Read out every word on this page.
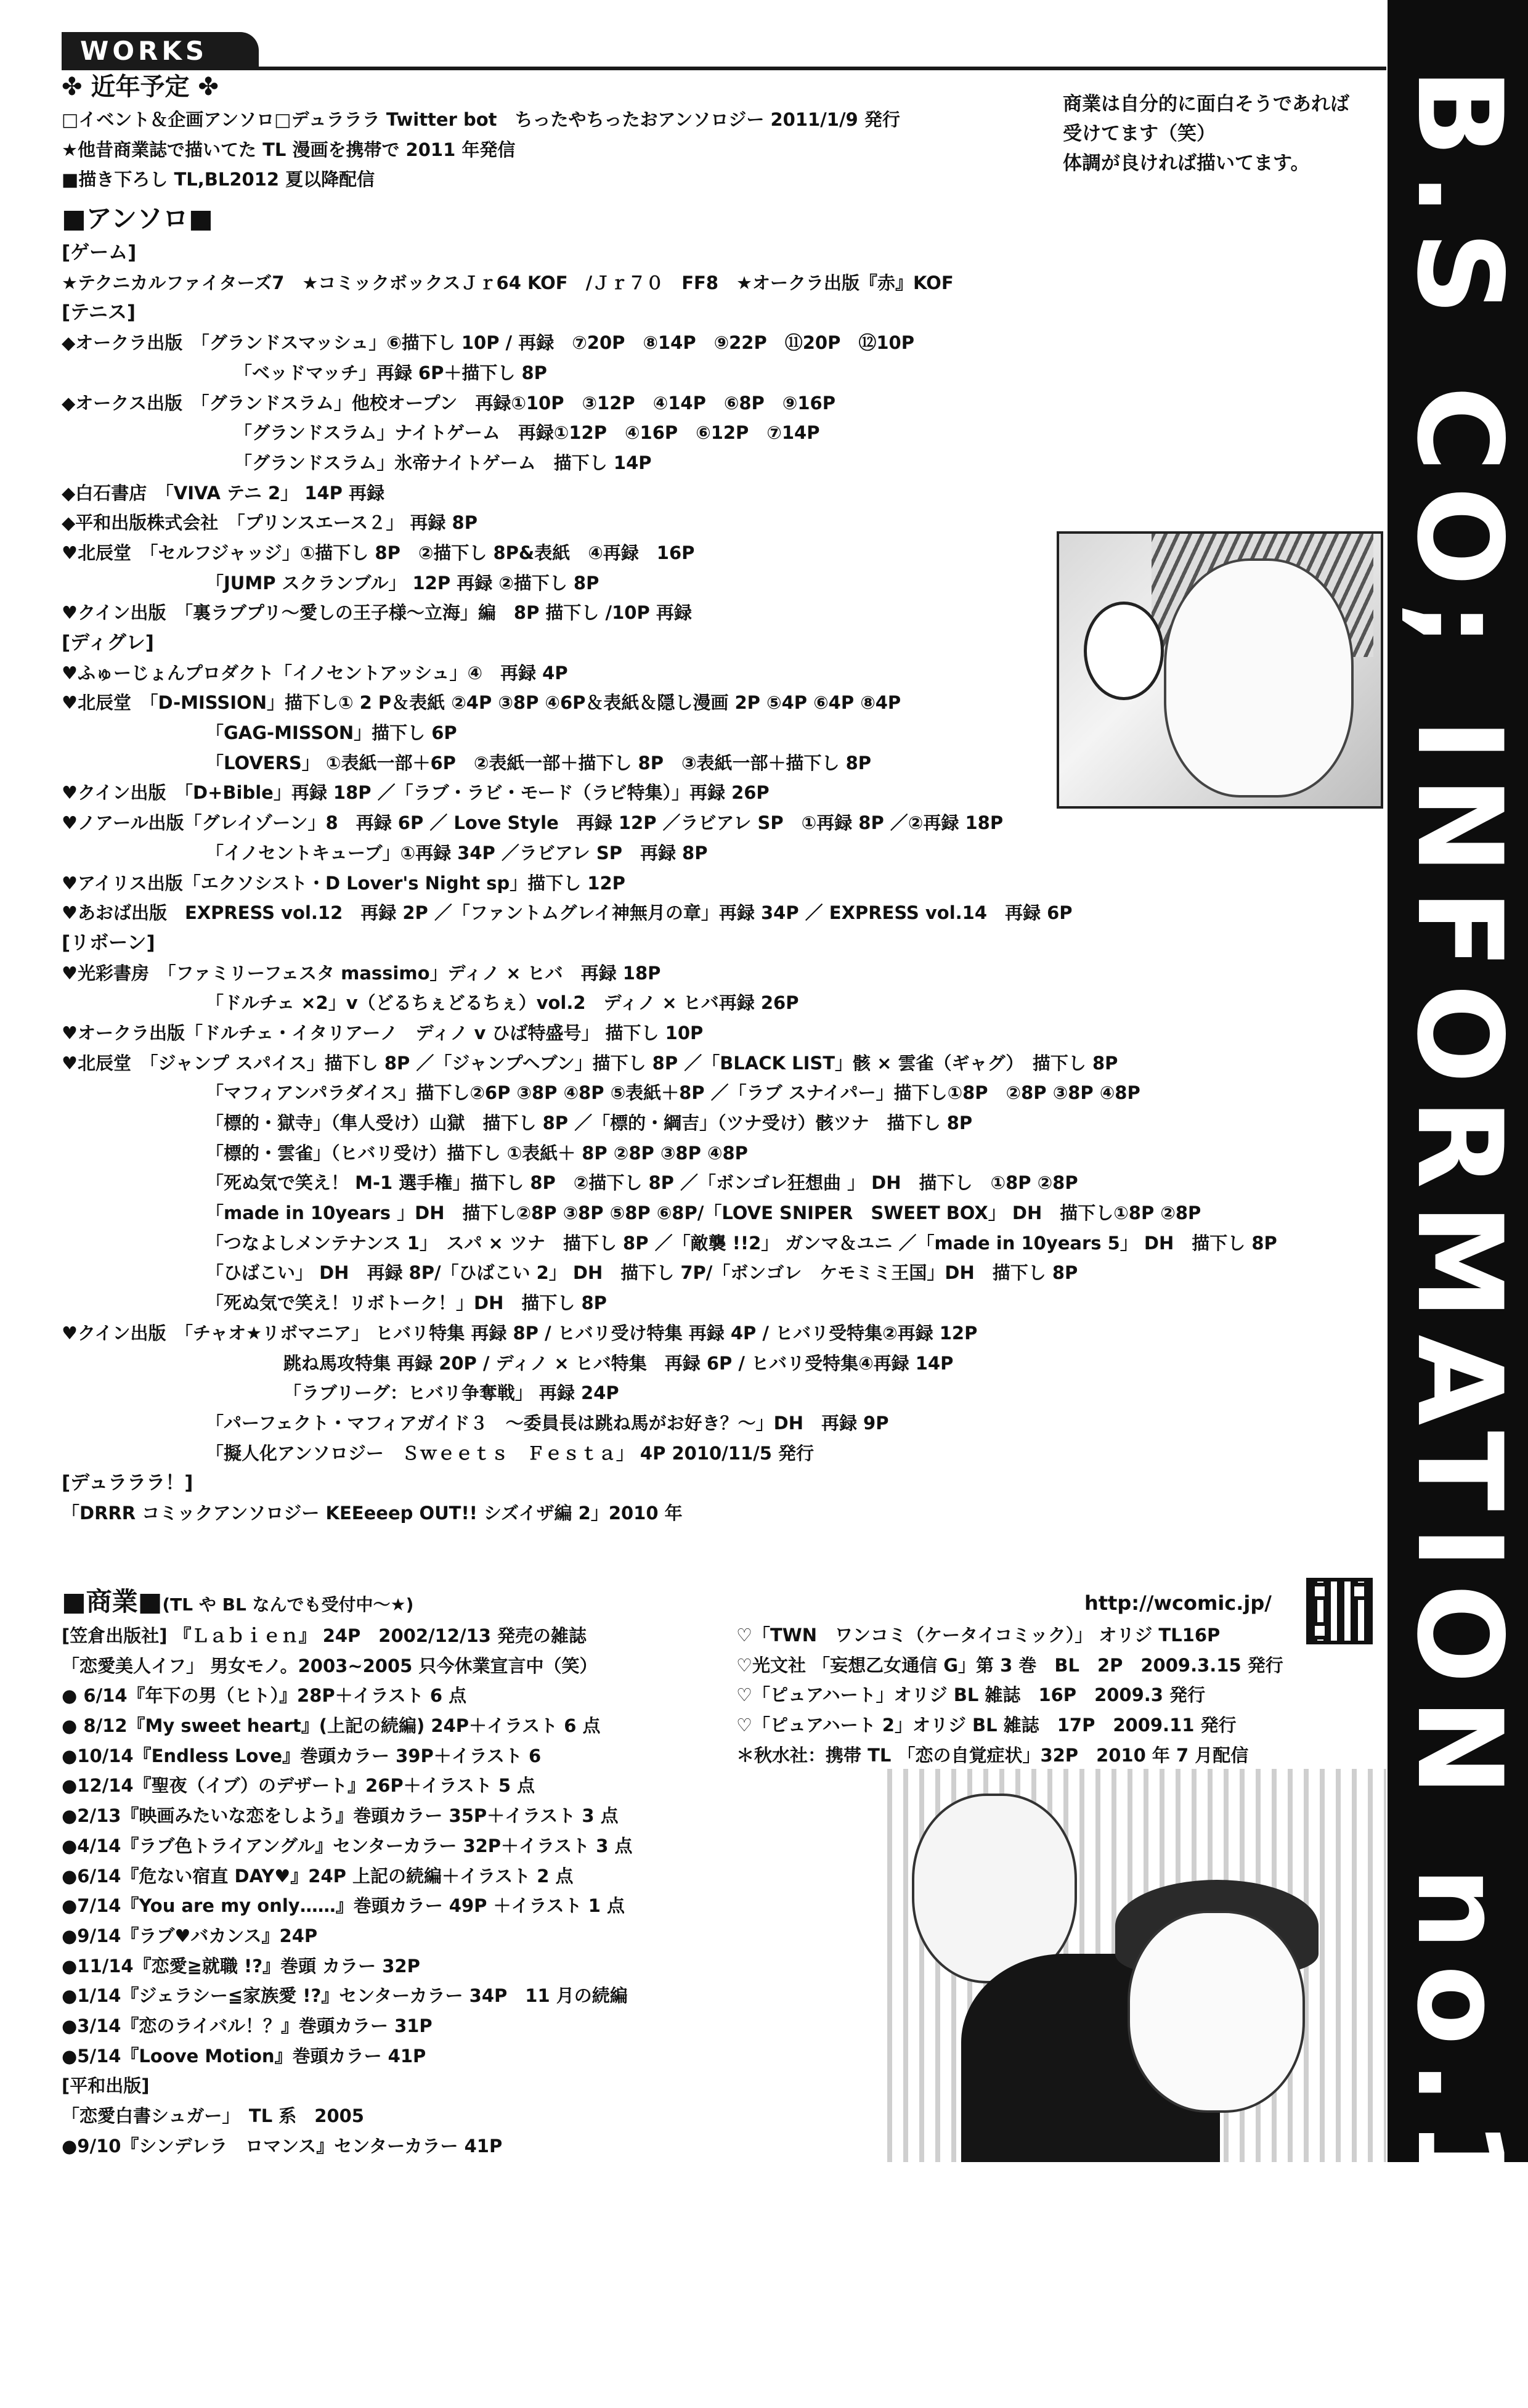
WORKS
B.S CO; INFORMATION no.113
商業は自分的に面白そうであれば
受けてます（笑）
体調が良ければ描いてます。
✤ 近年予定 ✤
□イベント＆企画アンソロ□デュラララ Twitter bot　ちったやちったおアンソロジー 2011/1/9 発行
★他昔商業誌で描いてた TL 漫画を携帯で 2011 年発信
■描き下ろし TL,BL2012 夏以降配信
■アンソロ■
[ゲーム]
★テクニカルファイターズ7　★コミックボックスＪｒ64 KOF　/Ｊｒ７０　FF8　★オークラ出版『赤』KOF
[テニス]
◆オークラ出版　「グランドスマッシュ」⑥描下し 10P / 再録　⑦20P　⑧14P　⑨22P　⑪20P　⑫10P
「ベッドマッチ」再録 6P＋描下し 8P
◆オークス出版　「グランドスラム」他校オープン　再録①10P　③12P　④14P　⑥8P　⑨16P
「グランドスラム」ナイトゲーム　再録①12P　④16P　⑥12P　⑦14P
「グランドスラム」氷帝ナイトゲーム　描下し 14P
◆白石書店　「VIVA テニ 2」 14P 再録
◆平和出版株式会社　「プリンスエース２」 再録 8P
♥北辰堂　「セルフジャッジ」①描下し 8P　②描下し 8P&表紙　④再録　16P
「JUMP スクランブル」 12P 再録 ②描下し 8P
♥クイン出版　「裏ラブプリ～愛しの王子様～立海」編　8P 描下し /10P 再録
[ディグレ]
♥ふゅーじょんプロダクト「イノセントアッシュ」④　再録 4P
♥北辰堂　「D-MISSION」描下し① 2 P＆表紙 ②4P ③8P ④6P＆表紙＆隠し漫画 2P ⑤4P ⑥4P ⑧4P
「GAG-MISSON」描下し 6P
「LOVERS」 ①表紙一部＋6P　②表紙一部＋描下し 8P　③表紙一部＋描下し 8P
♥クイン出版　「D+Bible」再録 18P ／「ラブ・ラビ・モード（ラビ特集）」再録 26P
♥ノアール出版「グレイゾーン」8　再録 6P ／ Love Style　再録 12P ／ラビアレ SP　①再録 8P ／②再録 18P
「イノセントキューブ」①再録 34P ／ラビアレ SP　再録 8P
♥アイリス出版「エクソシスト・D Lover's Night sp」描下し 12P
♥あおば出版　EXPRESS vol.12　再録 2P ／「ファントムグレイ神無月の章」再録 34P ／ EXPRESS vol.14　再録 6P
[リボーン]
♥光彩書房　「ファミリーフェスタ massimo」ディノ × ヒバ　再録 18P
「ドルチェ ×2」v（どるちぇどるちぇ）vol.2　ディノ × ヒバ再録 26P
♥オークラ出版「ドルチェ・イタリアーノ　ディノ v ひば特盛号」 描下し 10P
♥北辰堂　「ジャンプ スパイス」描下し 8P ／「ジャンプヘブン」描下し 8P ／「BLACK LIST」骸 × 雲雀（ギャグ）　描下し 8P
「マフィアンパラダイス」描下し②6P ③8P ④8P ⑤表紙＋8P ／「ラブ スナイパー」描下し①8P　②8P ③8P ④8P
「標的・獄寺」（隼人受け）山獄　描下し 8P ／「標的・綱吉」（ツナ受け）骸ツナ　描下し 8P
「標的・雲雀」（ヒバリ受け）描下し ①表紙＋ 8P ②8P ③8P ④8P
「死ぬ気で笑え！ M-1 選手権」描下し 8P　②描下し 8P ／「ボンゴレ狂想曲 」 DH　描下し　①8P ②8P
「made in 10years 」DH　描下し②8P ③8P ⑤8P ⑥8P/「LOVE SNIPER　SWEET BOX」 DH　描下し①8P ②8P
「つなよしメンテナンス 1」　スパ × ツナ　描下し 8P ／「敵襲 !!2」 ガンマ＆ユニ ／「made in 10years 5」 DH　描下し 8P
「ひばこい」 DH　再録 8P/「ひばこい 2」 DH　描下し 7P/「ボンゴレ　ケモミミ王国」DH　描下し 8P
「死ぬ気で笑え！リボトーク！」DH　描下し 8P
♥クイン出版　「チャオ★リボマニア」 ヒバリ特集 再録 8P / ヒバリ受け特集 再録 4P / ヒバリ受特集②再録 12P
跳ね馬攻特集 再録 20P / ディノ × ヒバ特集　再録 6P / ヒバリ受特集④再録 14P
「ラブリーグ：ヒバリ争奪戦」 再録 24P
「パーフェクト・マフィアガイド３　～委員長は跳ね馬がお好き？～」DH　再録 9P
「擬人化アンソロジー　Ｓｗｅｅｔｓ　Ｆｅｓｔａ」 4P 2010/11/5 発行
[デュラララ！]
「DRRR コミックアンソロジー KEEeeep OUT!! シズイザ編 2」2010 年
■商業■(TL や BL なんでも受付中～★)
[笠倉出版社] 『Ｌａｂｉｅｎ』 24P　2002/12/13 発売の雑誌
「恋愛美人イフ」 男女モノ。2003~2005 只今休業宣言中（笑）
● 6/14『年下の男（ヒト）』28P＋イラスト 6 点
● 8/12『My sweet heart』(上記の続編) 24P＋イラスト 6 点
●10/14『Endless Love』巻頭カラー 39P＋イラスト 6
●12/14『聖夜（イブ）のデザート』26P＋イラスト 5 点
●2/13『映画みたいな恋をしよう』巻頭カラー 35P＋イラスト 3 点
●4/14『ラブ色トライアングル』センターカラー 32P＋イラスト 3 点
●6/14『危ない宿直 DAY♥』24P 上記の続編＋イラスト 2 点
●7/14『You are my only……』巻頭カラー 49P ＋イラスト 1 点
●9/14『ラブ♥バカンス』24P
●11/14『恋愛≧就職 !?』巻頭 カラー 32P
●1/14『ジェラシー≦家族愛 !?』センターカラー 34P　11 月の続編
●3/14『恋のライバル！？』巻頭カラー 31P
●5/14『Loove Motion』巻頭カラー 41P
[平和出版]
「恋愛白書シュガー」　TL 系　2005
●9/10『シンデレラ　ロマンス』センターカラー 41P
http://wcomic.jp/
♡「TWN　ワンコミ（ケータイコミック）」 オリジ TL16P
♡光文社 「妄想乙女通信 G」第 3 巻　BL　2P　2009.3.15 発行
♡「ピュアハート」オリジ BL 雑誌　16P　2009.3 発行
♡「ピュアハート 2」オリジ BL 雑誌　17P　2009.11 発行
＊秋水社：携帯 TL 「恋の自覚症状」32P　2010 年 7 月配信
